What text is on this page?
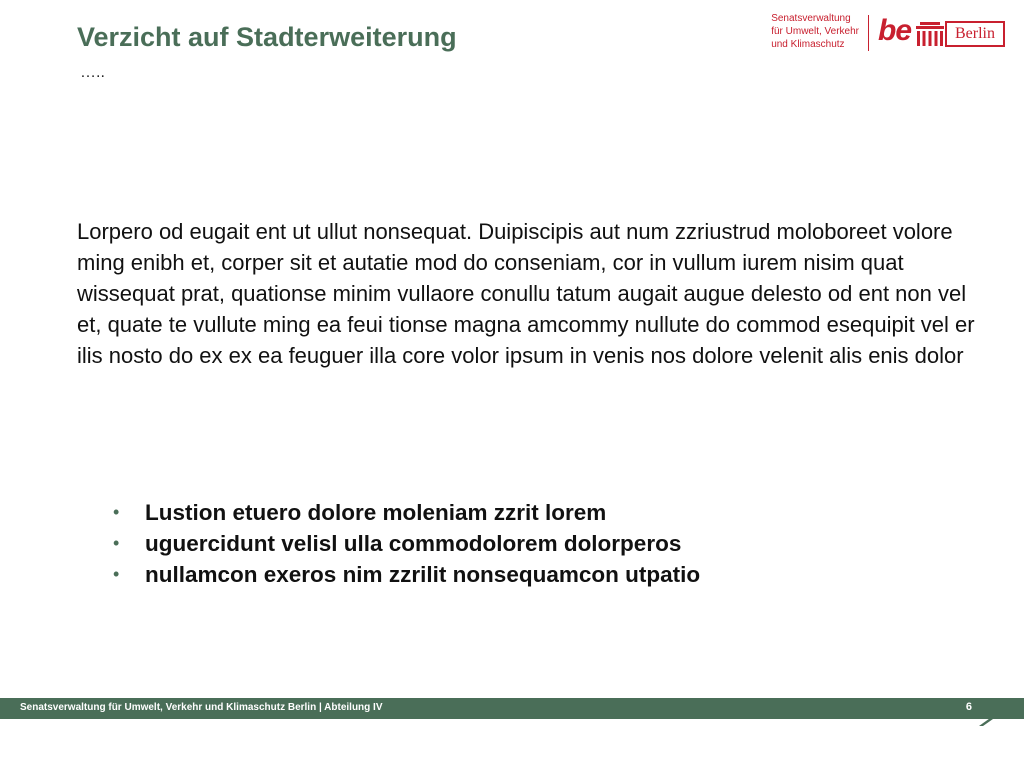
Verzicht auf Stadterweiterung
…..
Senatsverwaltung
für Umwelt, Verkehr
und Klimaschutz	be	Berlin

Lorpero od eugait ent ut ullut nonsequat. Duipiscipis aut num zzriustrud moloboreet volore ming enibh et, corper sit et autatie mod do conseniam, cor in vullum iurem nisim quat wissequat prat, quationse minim vullaore conullu tatum augait augue delesto od ent non vel et, quate te vullute ming ea feui tionse magna amcommy nullute do commod esequipit vel er ilis nosto do ex ex ea feuguer illa core volor ipsum in venis nos dolore velenit alis enis dolor

• Lustion etuero dolore moleniam zzrit lorem
• uguercidunt velisl ulla commodolorem dolorperos
• nullamcon exeros nim zzrilit nonsequamcon utpatio
Senatsverwaltung für Umwelt, Verkehr und Klimaschutz Berlin | Abteilung IV	6
